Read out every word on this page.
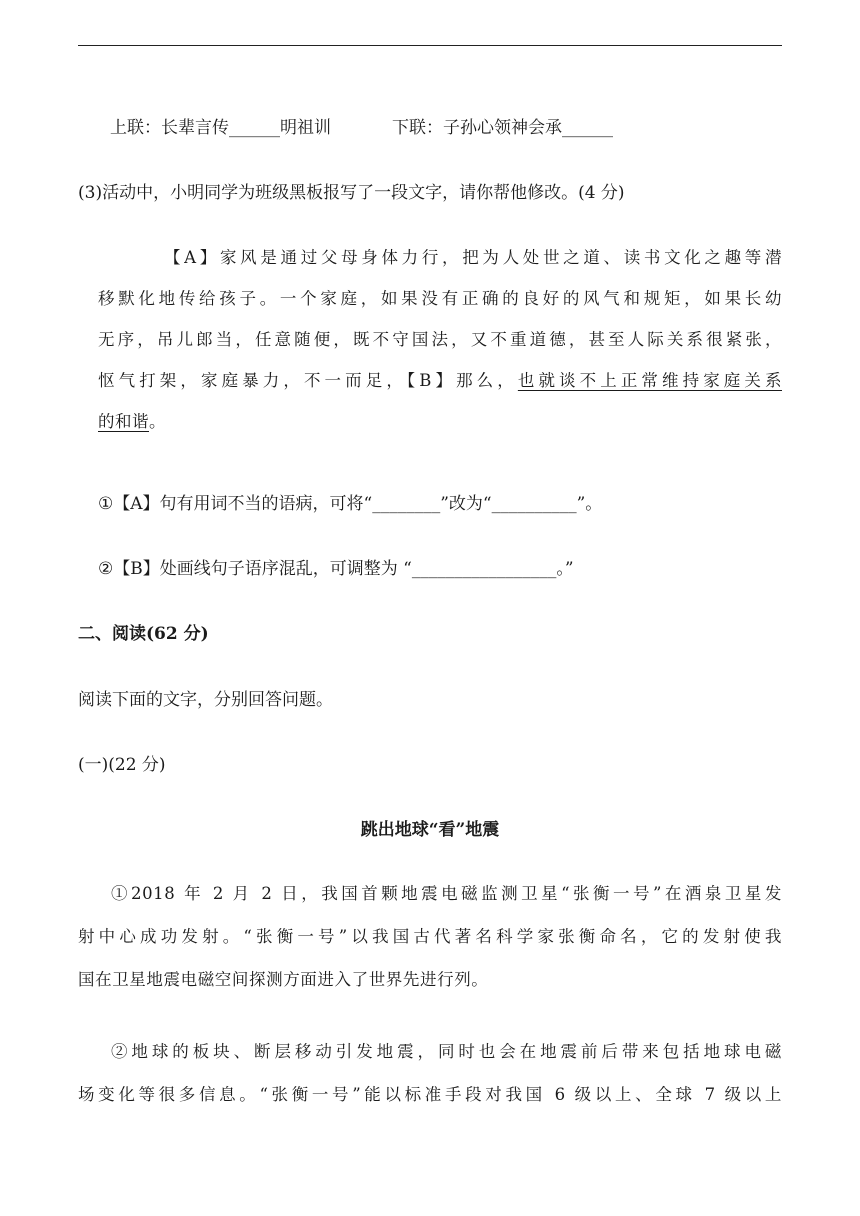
上联：长辈言传______明祖训	下联：子孙心领神会承______
(3)活动中，小明同学为班级黑板报写了一段文字，请你帮他修改。(4 分)
【A】家风是通过父母身体力行，把为人处世之道、读书文化之趣等潜
移默化地传给孩子。一个家庭，如果没有正确的良好的风气和规矩，如果长幼
无序，吊儿郎当，任意随便，既不守国法，又不重道德，甚至人际关系很紧张，
怄气打架，家庭暴力，不一而足，【B】那么，也就谈不上正常维持家庭关系
的和谐。
①【A】句有用词不当的语病，可将“________”改为“__________”。
②【B】处画线句子语序混乱，可调整为 “_________________。”
二、阅读(62 分)
阅读下面的文字，分别回答问题。
(一)(22 分)
跳出地球“看”地震
①2018 年 2 月 2 日，我国首颗地震电磁监测卫星“张衡一号”在酒泉卫星发
射中心成功发射。“张衡一号”以我国古代著名科学家张衡命名，它的发射使我
国在卫星地震电磁空间探测方面进入了世界先进行列。
②地球的板块、断层移动引发地震，同时也会在地震前后带来包括地球电磁
场变化等很多信息。“张衡一号”能以标准手段对我国 6 级以上、全球 7 级以上
